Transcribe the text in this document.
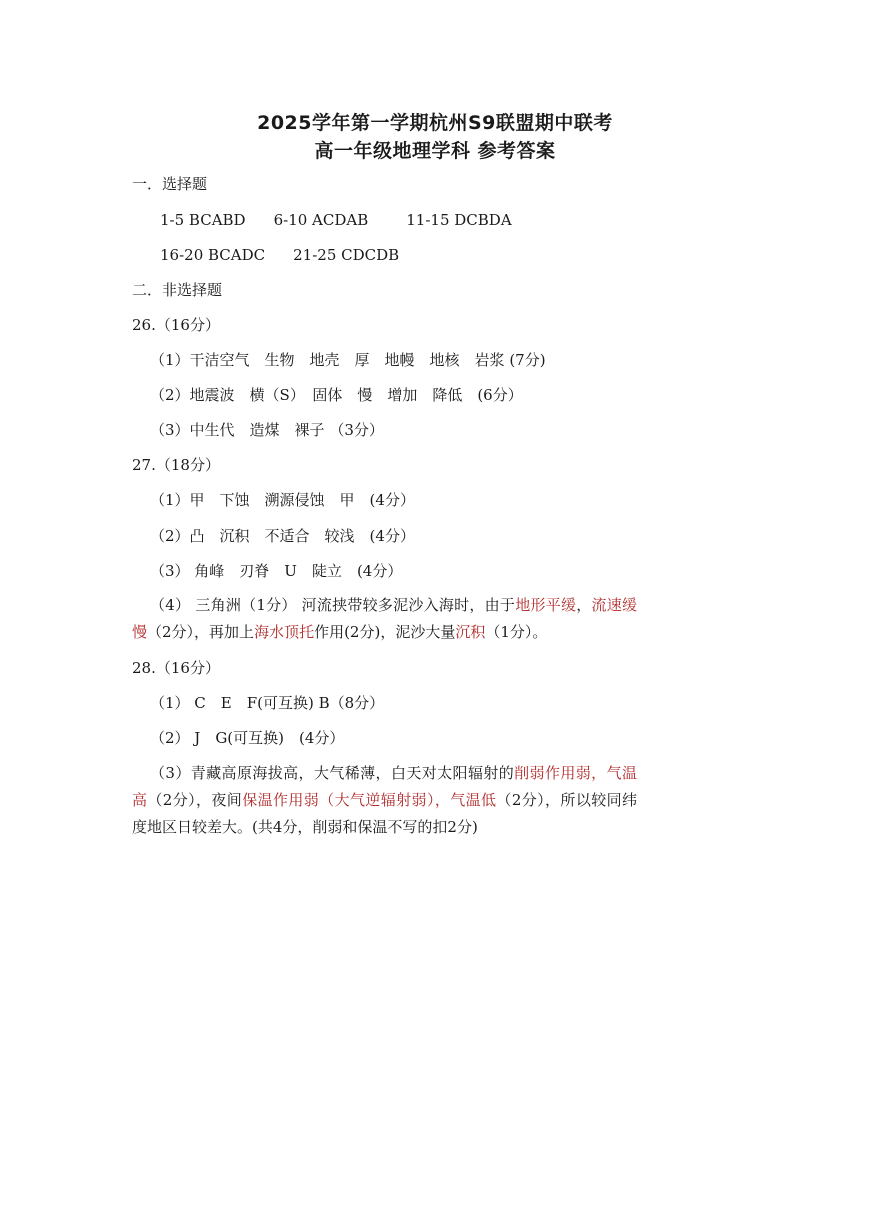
2025学年第一学期杭州S9联盟期中联考
高一年级地理学科 参考答案
一．选择题
1-5 BCABD 6-10 ACDAB	11-15 DCBDA
16-20 BCADC 21-25 CDCDB
二．非选择题
26.（16分）
（1）干洁空气　生物　地壳　厚　地幔　地核　岩浆 (7分)
（2）地震波　横（S）　固体　慢　增加　降低　(6分）
（3）中生代　造煤　裸子 （3分）
27.（18分）
（1）甲　下蚀　溯源侵蚀　甲　(4分）
（2）凸　沉积　不适合　较浅　(4分）
（3） 角峰　刃脊　U　陡立　(4分）
（4） 三角洲（1分） 河流挟带较多泥沙入海时，由于地形平缓，流速缓慢（2分），再加上海水顶托作用(2分)，泥沙大量沉积（1分）。
28.（16分）
（1） C　E　F(可互换) B（8分）
（2） J　G(可互换)　(4分）
（3）青藏高原海拔高，大气稀薄，白天对太阳辐射的削弱作用弱，气温高（2分），夜间保温作用弱（大气逆辐射弱），气温低（2分），所以较同纬度地区日较差大。(共4分，削弱和保温不写的扣2分)
